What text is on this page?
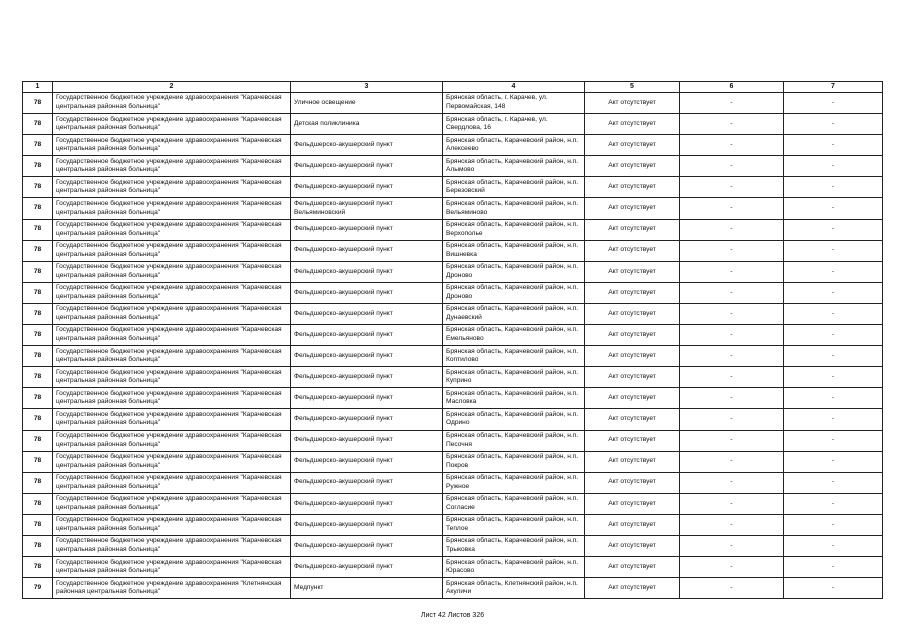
1	2	3	4	5	6	7
78	Государственное бюджетное учреждение здравоохранения "Карачевская центральная районная больница"	Уличное освещение	Брянская область, г. Карачев, ул. Первомайская, 148	Акт отсутствует	-	-
78	Государственное бюджетное учреждение здравоохранения "Карачевская центральная районная больница"	Детская поликлиника	Брянская область, г. Карачев, ул. Свердлова, 16	Акт отсутствует	-	-
78	Государственное бюджетное учреждение здравоохранения "Карачевская центральная районная больница"	Фельдшерско-акушерский пункт	Брянская область, Карачевский район, н.п. Алексеево	Акт отсутствует	-	-
78	Государственное бюджетное учреждение здравоохранения "Карачевская центральная районная больница"	Фельдшерско-акушерский пункт	Брянская область, Карачевский район, н.п. Алымово	Акт отсутствует	-	-
78	Государственное бюджетное учреждение здравоохранения "Карачевская центральная районная больница"	Фельдшерско-акушерский пункт	Брянская область, Карачевский район, н.п. Березовский	Акт отсутствует	-	-
78	Государственное бюджетное учреждение здравоохранения "Карачевская центральная районная больница"	Фельдшерско-акушерский пункт Вельяминовский	Брянская область, Карачевский район, н.п. Вельяминово	Акт отсутствует	-	-
78	Государственное бюджетное учреждение здравоохранения "Карачевская центральная районная больница"	Фельдшерско-акушерский пункт	Брянская область, Карачевский район, н.п. Верхополье	Акт отсутствует	-	-
78	Государственное бюджетное учреждение здравоохранения "Карачевская центральная районная больница"	Фельдшерско-акушерский пункт	Брянская область, Карачевский район, н.п. Вишневка	Акт отсутствует	-	-
78	Государственное бюджетное учреждение здравоохранения "Карачевская центральная районная больница"	Фельдшерско-акушерский пункт	Брянская область, Карачевский район, н.п. Дроново	Акт отсутствует	-	-
78	Государственное бюджетное учреждение здравоохранения "Карачевская центральная районная больница"	Фельдшерско-акушерский пункт	Брянская область, Карачевский район, н.п. Дроново	Акт отсутствует	-	-
78	Государственное бюджетное учреждение здравоохранения "Карачевская центральная районная больница"	Фельдшерско-акушерский пункт	Брянская область, Карачевский район, н.п. Дунаевский	Акт отсутствует	-	-
78	Государственное бюджетное учреждение здравоохранения "Карачевская центральная районная больница"	Фельдшерско-акушерский пункт	Брянская область, Карачевский район, н.п. Емельяново	Акт отсутствует	-	-
78	Государственное бюджетное учреждение здравоохранения "Карачевская центральная районная больница"	Фельдшерско-акушерский пункт	Брянская область, Карачевский район, н.п. Коптилово	Акт отсутствует	-	-
78	Государственное бюджетное учреждение здравоохранения "Карачевская центральная районная больница"	Фельдшерско-акушерский пункт	Брянская область, Карачевский район, н.п. Куприно	Акт отсутствует	-	-
78	Государственное бюджетное учреждение здравоохранения "Карачевская центральная районная больница"	Фельдшерско-акушерский пункт	Брянская область, Карачевский район, н.п. Масловка	Акт отсутствует	-	-
78	Государственное бюджетное учреждение здравоохранения "Карачевская центральная районная больница"	Фельдшерско-акушерский пункт	Брянская область, Карачевский район, н.п. Одрино	Акт отсутствует	-	-
78	Государственное бюджетное учреждение здравоохранения "Карачевская центральная районная больница"	Фельдшерско-акушерский пункт	Брянская область, Карачевский район, н.п. Песочня	Акт отсутствует	-	-
78	Государственное бюджетное учреждение здравоохранения "Карачевская центральная районная больница"	Фельдшерско-акушерский пункт	Брянская область, Карачевский район, н.п. Покров	Акт отсутствует	-	-
78	Государственное бюджетное учреждение здравоохранения "Карачевская центральная районная больница"	Фельдшерско-акушерский пункт	Брянская область, Карачевский район, н.п. Ружное	Акт отсутствует	-	-
78	Государственное бюджетное учреждение здравоохранения "Карачевская центральная районная больница"	Фельдшерско-акушерский пункт	Брянская область, Карачевский район, н.п. Согласие	Акт отсутствует	-	-
78	Государственное бюджетное учреждение здравоохранения "Карачевская центральная районная больница"	Фельдшерско-акушерский пункт	Брянская область, Карачевский район, н.п. Теплое	Акт отсутствует	-	-
78	Государственное бюджетное учреждение здравоохранения "Карачевская центральная районная больница"	Фельдшерско-акушерский пункт	Брянская область, Карачевский район, н.п. Трыковка	Акт отсутствует	-	-
78	Государственное бюджетное учреждение здравоохранения "Карачевская центральная районная больница"	Фельдшерско-акушерский пункт	Брянская область, Карачевский район, н.п. Юрасово	Акт отсутствует	-	-
79	Государственное бюджетное учреждение здравоохранения "Клетнянская районная центральная больница"	Медпункт	Брянская область, Клетнянский район, н.п. Акуличи	Акт отсутствует	-	-
Лист 42 Листов 326
